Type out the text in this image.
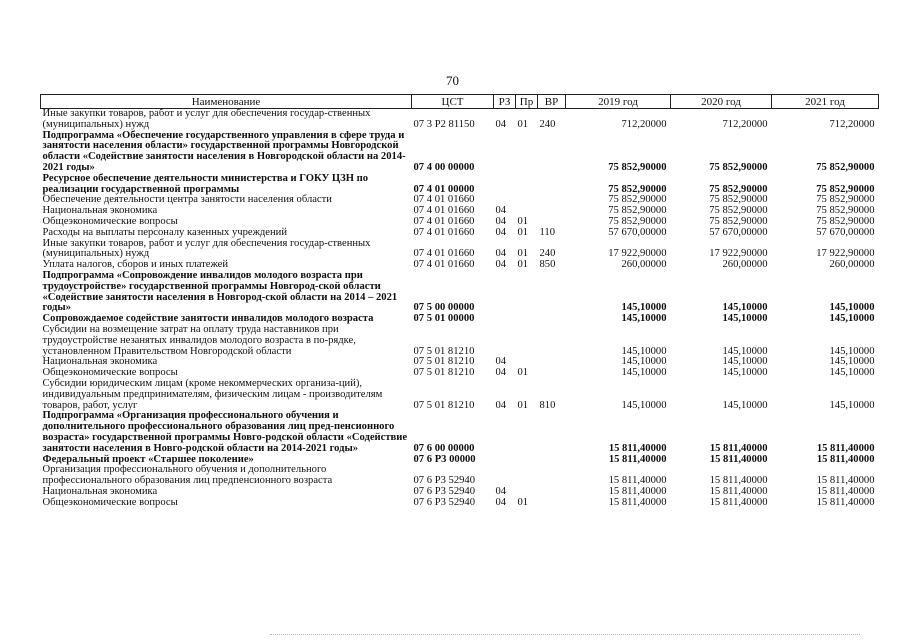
70
Наименование	ЦСТ	РЗ	Пр	ВР	2019 год	2020 год	2021 год
Иные закупки товаров, работ и услуг для обеспечения государ-ственных (муниципальных) нужд	07 3 Р2 81150	04	01	240	712,20000	712,20000	712,20000
Подпрограмма «Обеспечение государственного управления в сфере труда и занятости населения области» государственной программы Новгородской области «Содействие занятости населения в Новгородской области на 2014-2021 годы»	07 4 00 00000				75 852,90000	75 852,90000	75 852,90000
Ресурсное обеспечение деятельности министерства и ГОКУ ЦЗН по реализации государственной программы	07 4 01 00000				75 852,90000	75 852,90000	75 852,90000
Обеспечение деятельности центра занятости населения области	07 4 01 01660				75 852,90000	75 852,90000	75 852,90000
Национальная экономика	07 4 01 01660	04			75 852,90000	75 852,90000	75 852,90000
Общеэкономические вопросы	07 4 01 01660	04	01		75 852,90000	75 852,90000	75 852,90000
Расходы на выплаты персоналу казенных учреждений	07 4 01 01660	04	01	110	57 670,00000	57 670,00000	57 670,00000
Иные закупки товаров, работ и услуг для обеспечения государ-ственных (муниципальных) нужд	07 4 01 01660	04	01	240	17 922,90000	17 922,90000	17 922,90000
Уплата налогов, сборов и иных платежей	07 4 01 01660	04	01	850	260,00000	260,00000	260,00000
Подпрограмма «Сопровождение инвалидов молодого возраста при трудоустройстве» государственной программы Новгород-ской области «Содействие занятости населения в Новгород-ской области на 2014 – 2021 годы»	07 5 00 00000				145,10000	145,10000	145,10000
Сопровождаемое содействие занятости инвалидов молодого возраста	07 5 01 00000				145,10000	145,10000	145,10000
Субсидии на возмещение затрат на оплату труда наставников при трудоустройстве незанятых инвалидов молодого возраста в по-рядке, установленном Правительством Новгородской области	07 5 01 81210				145,10000	145,10000	145,10000
Национальная экономика	07 5 01 81210	04			145,10000	145,10000	145,10000
Общеэкономические вопросы	07 5 01 81210	04	01		145,10000	145,10000	145,10000
Субсидии юридическим лицам (кроме некоммерческих организа-ций), индивидуальным предпринимателям, физическим лицам - производителям товаров, работ, услуг	07 5 01 81210	04	01	810	145,10000	145,10000	145,10000
Подпрограмма «Организация профессионального обучения и дополнительного профессионального образования лиц пред-пенсионного возраста» государственной программы Новго-родской области «Содействие занятости населения в Новго-родской области на 2014-2021 годы»	07 6 00 00000				15 811,40000	15 811,40000	15 811,40000
Федеральный проект «Старшее поколение»	07 6 Р3 00000				15 811,40000	15 811,40000	15 811,40000
Организация профессионального обучения и дополнительного профессионального образования лиц предпенсионного возраста	07 6 Р3 52940				15 811,40000	15 811,40000	15 811,40000
Национальная экономика	07 6 Р3 52940	04			15 811,40000	15 811,40000	15 811,40000
Общеэкономические вопросы	07 6 Р3 52940	04	01		15 811,40000	15 811,40000	15 811,40000
